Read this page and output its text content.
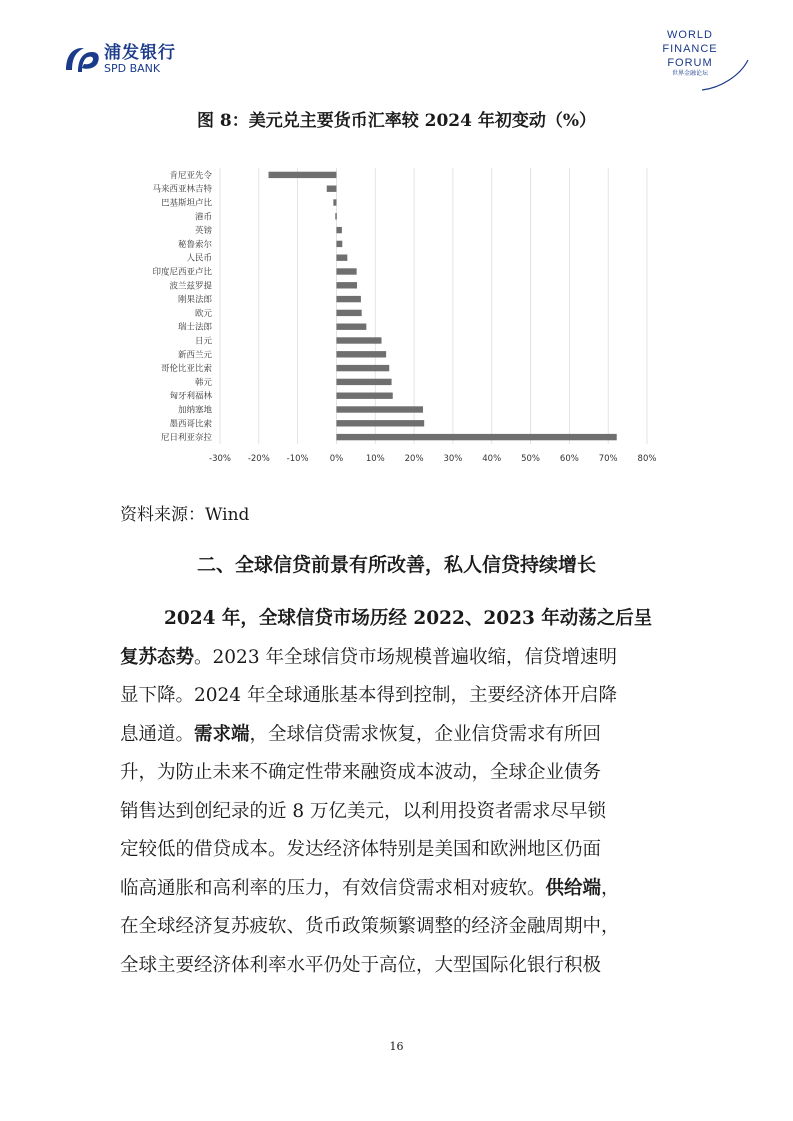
浦发银行
SPD BANK
WORLD
FINANCE
FORUM
世界金融论坛
图 8：美元兑主要货币汇率较 2024 年初变动（%）
-30% -20% -10% 0%	10% 20% 30% 40% 50% 60% 70% 80%
肯尼亚先令
马来西亚林吉特
巴基斯坦卢比
港币
英镑
秘鲁索尔
人民币
印度尼西亚卢比
波兰兹罗提
刚果法郎
欧元
瑞士法郎
日元
新西兰元
哥伦比亚比索
韩元
匈牙利福林
加纳塞地
墨西哥比索
尼日利亚奈拉
资料来源：Wind
二、全球信贷前景有所改善，私人信贷持续增长
2024 年，全球信贷市场历经 2022、2023 年动荡之后呈
复苏态势。2023 年全球信贷市场规模普遍收缩，信贷增速明
显下降。2024 年全球通胀基本得到控制，主要经济体开启降
息通道。需求端，全球信贷需求恢复，企业信贷需求有所回
升，为防止未来不确定性带来融资成本波动，全球企业债务
销售达到创纪录的近 8 万亿美元，以利用投资者需求尽早锁
定较低的借贷成本。发达经济体特别是美国和欧洲地区仍面
临高通胀和高利率的压力，有效信贷需求相对疲软。供给端，
在全球经济复苏疲软、货币政策频繁调整的经济金融周期中，
全球主要经济体利率水平仍处于高位，大型国际化银行积极
16
